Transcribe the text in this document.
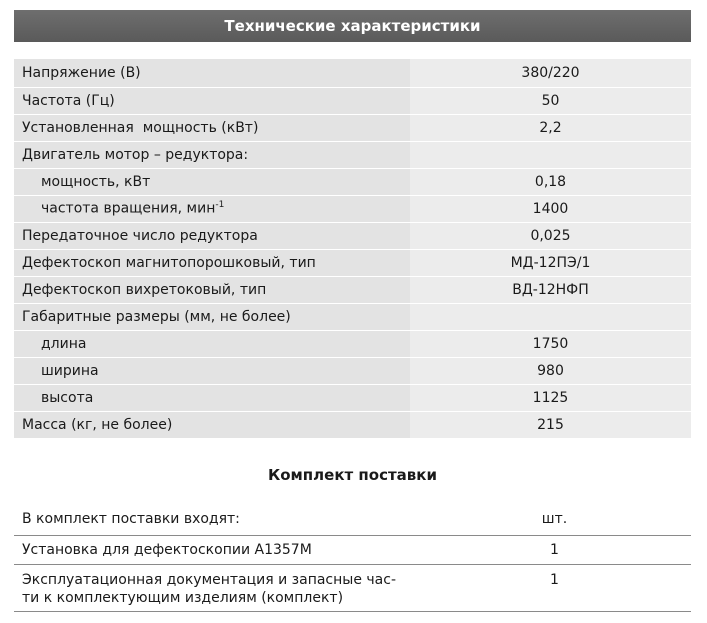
Технические характеристики
Напряжение (В)	380/220
Частота (Гц)	50
Установленная  мощность (кВт)	2,2
Двигатель мотор – редуктора:	
мощность, кВт	0,18
частота вращения, мин$^{-1}$	1400
Передаточное число редуктора	0,025
Дефектоскоп магнитопорошковый, тип	МД-12ПЭ/1
Дефектоскоп вихретоковый, тип	ВД-12НФП
Габаритные размеры (мм, не более)	
длина	1750
ширина	980
высота	1125
Масса (кг, не более)	215
Комплект поставки
В комплект поставки входят:	шт.
Установка для дефектоскопии А1357М	1

Эксплуатационная документация и запасные час-
ти к комплектующим изделиям (комплект)	1
